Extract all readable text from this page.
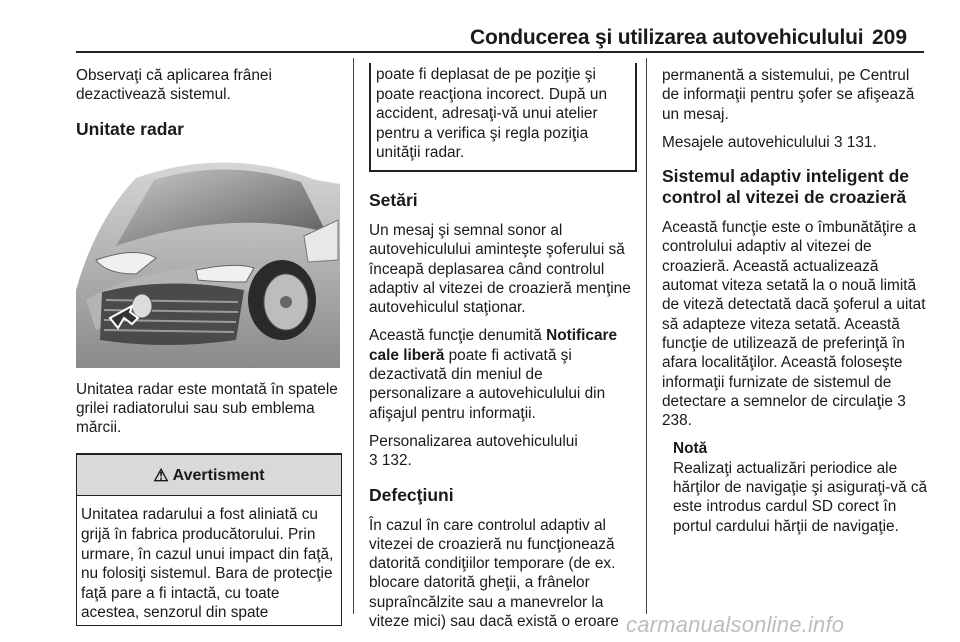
Conducerea şi utilizarea autovehiculului 209

Observaţi că aplicarea frânei dezactivează sistemul.

Unitate radar

Unitatea radar este montată în spatele grilei radiatorului sau sub emblema mărcii.

⚠ Avertisment
Unitatea radarului a fost aliniată cu grijă în fabrica producătorului. Prin urmare, în cazul unui impact din faţă, nu folosiţi sistemul. Bara de protecţie faţă pare a fi intactă, cu toate acestea, senzorul din spate
poate fi deplasat de pe poziţie şi poate reacţiona incorect. După un accident, adresaţi-vă unui atelier pentru a verifica şi regla poziţia unităţii radar.
Setări

Un mesaj şi semnal sonor al autovehiculului aminteşte şoferului să înceapă deplasarea când controlul adaptiv al vitezei de croazieră menţine autovehiculul staţionar.

Această funcţie denumită Notificare cale liberă poate fi activată şi dezactivată din meniul de personalizare a autovehiculului din afişajul pentru informaţii.

Personalizarea autovehiculului
3 132.

Defecţiuni

În cazul în care controlul adaptiv al vitezei de croazieră nu funcţionează datorită condiţiilor temporare (de ex. blocare datorită gheţii, a frânelor supraîncălzite sau a manevrelor la viteze mici) sau dacă există o eroare

permanentă a sistemului, pe Centrul de informaţii pentru şofer se afişează un mesaj.

Mesajele autovehiculului 3 131.

Sistemul adaptiv inteligent de control al vitezei de croazieră

Această funcţie este o îmbunătăţire a controlului adaptiv al vitezei de croazieră. Această actualizează automat viteza setată la o nouă limită de viteză detectată dacă şoferul a uitat să adapteze viteza setată. Această funcţie de utilizează de preferinţă în afara localităţilor. Această foloseşte informaţii furnizate de sistemul de detectare a semnelor de circulaţie 3 238.

Notă
Realizaţi actualizări periodice ale hărţilor de navigaţie şi asiguraţi-vă că este introdus cardul SD corect în portul cardului hărţii de navigaţie.
carmanualsonline.info
